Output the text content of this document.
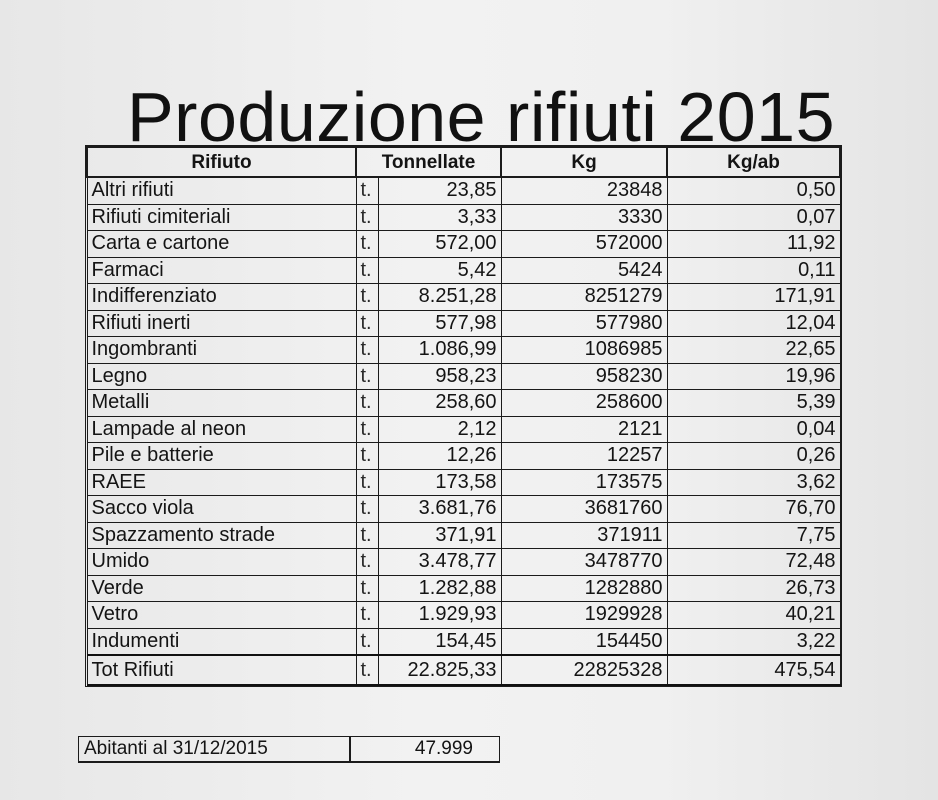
Produzione rifiuti 2015
Rifiuto	Tonnellate		Kg	Kg/ab
Altri rifiuti	t.	23,85	23848	0,50
Rifiuti cimiteriali	t.	3,33	3330	0,07
Carta e cartone	t.	572,00	572000	11,92
Farmaci	t.	5,42	5424	0,11
Indifferenziato	t.	8.251,28	8251279	171,91
Rifiuti inerti	t.	577,98	577980	12,04
Ingombranti	t.	1.086,99	1086985	22,65
Legno	t.	958,23	958230	19,96
Metalli	t.	258,60	258600	5,39
Lampade al neon	t.	2,12	2121	0,04
Pile e batterie	t.	12,26	12257	0,26
RAEE	t.	173,58	173575	3,62
Sacco viola	t.	3.681,76	3681760	76,70
Spazzamento strade	t.	371,91	371911	7,75
Umido	t.	3.478,77	3478770	72,48
Verde	t.	1.282,88	1282880	26,73
Vetro	t.	1.929,93	1929928	40,21
Indumenti	t.	154,45	154450	3,22
Tot Rifiuti	t.	22.825,33	22825328	475,54
Abitanti al 31/12/2015	47.999
